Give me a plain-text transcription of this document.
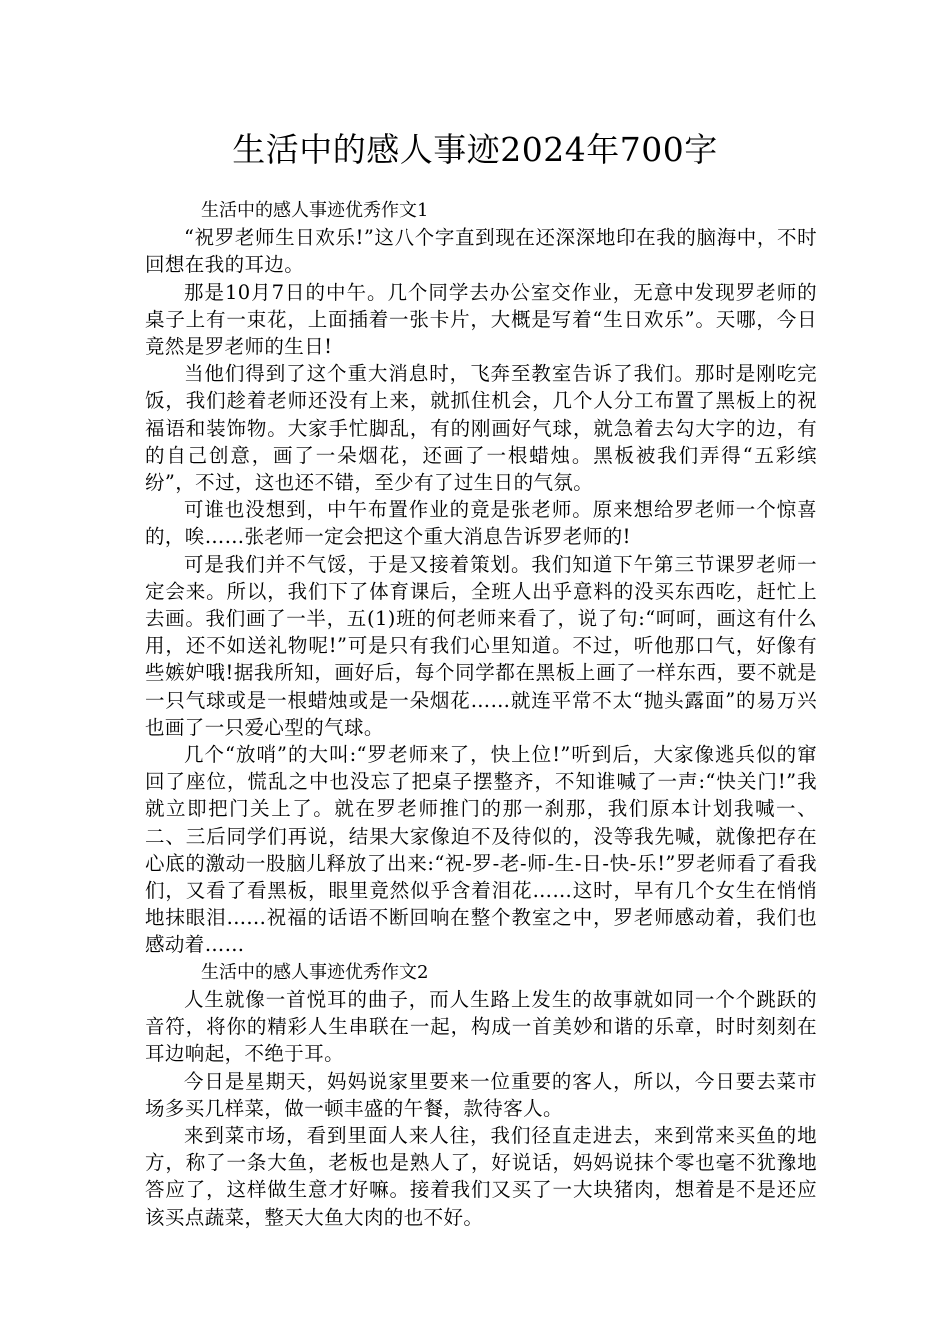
生活中的感人事迹2024年700字
生活中的感人事迹优秀作文1

“祝罗老师生日欢乐!”这八个字直到现在还深深地印在我的脑海中，不时回想在我的耳边。

那是10月7日的中午。几个同学去办公室交作业，无意中发现罗老师的桌子上有一束花，上面插着一张卡片，大概是写着“生日欢乐”。天哪，今日竟然是罗老师的生日!

当他们得到了这个重大消息时，飞奔至教室告诉了我们。那时是刚吃完饭，我们趁着老师还没有上来，就抓住机会，几个人分工布置了黑板上的祝福语和装饰物。大家手忙脚乱，有的刚画好气球，就急着去勾大字的边，有的自己创意，画了一朵烟花，还画了一根蜡烛。黑板被我们弄得“五彩缤纷”，不过，这也还不错，至少有了过生日的气氛。

可谁也没想到，中午布置作业的竟是张老师。原来想给罗老师一个惊喜的，唉……张老师一定会把这个重大消息告诉罗老师的!

可是我们并不气馁，于是又接着策划。我们知道下午第三节课罗老师一定会来。所以，我们下了体育课后，全班人出乎意料的没买东西吃，赶忙上去画。我们画了一半，五(1)班的何老师来看了，说了句:“呵呵，画这有什么用，还不如送礼物呢!”可是只有我们心里知道。不过，听他那口气，好像有些嫉妒哦!据我所知，画好后，每个同学都在黑板上画了一样东西，要不就是一只气球或是一根蜡烛或是一朵烟花……就连平常不太“抛头露面”的易万兴也画了一只爱心型的气球。

几个“放哨”的大叫:“罗老师来了，快上位!”听到后，大家像逃兵似的窜回了座位，慌乱之中也没忘了把桌子摆整齐，不知谁喊了一声:“快关门!”我就立即把门关上了。就在罗老师推门的那一刹那，我们原本计划我喊一、二、三后同学们再说，结果大家像迫不及待似的，没等我先喊，就像把存在心底的激动一股脑儿释放了出来:“祝-罗-老-师-生-日-快-乐!”罗老师看了看我们，又看了看黑板，眼里竟然似乎含着泪花……这时，早有几个女生在悄悄地抹眼泪......祝福的话语不断回响在整个教室之中，罗老师感动着，我们也感动着……

生活中的感人事迹优秀作文2

人生就像一首悦耳的曲子，而人生路上发生的故事就如同一个个跳跃的音符，将你的精彩人生串联在一起，构成一首美妙和谐的乐章，时时刻刻在耳边响起，不绝于耳。

今日是星期天，妈妈说家里要来一位重要的客人，所以，今日要去菜市场多买几样菜，做一顿丰盛的午餐，款待客人。

来到菜市场，看到里面人来人往，我们径直走进去，来到常来买鱼的地方，称了一条大鱼，老板也是熟人了，好说话，妈妈说抹个零也毫不犹豫地答应了，这样做生意才好嘛。接着我们又买了一大块猪肉，想着是不是还应该买点蔬菜，整天大鱼大肉的也不好。
